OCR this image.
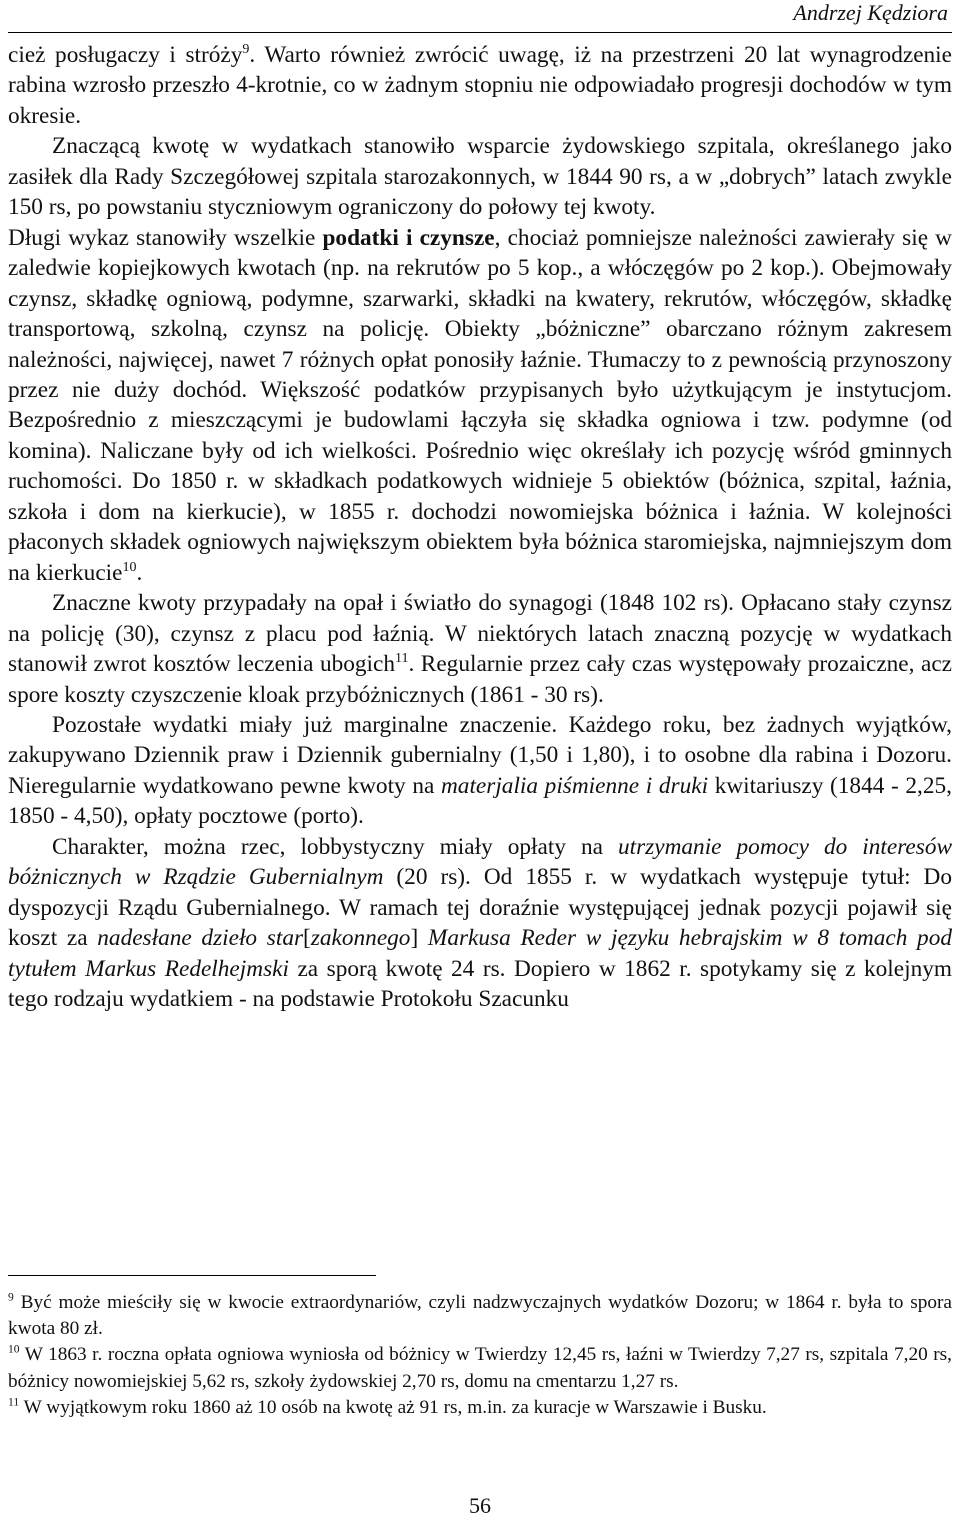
Andrzej Kędziora

cież posługaczy i stróży$^9$. Warto również zwrócić uwagę, iż na przestrzeni 20 lat wynagrodzenie rabina wzrosło przeszło 4-krotnie, co w żadnym stopniu nie odpowiadało progresji dochodów w tym okresie.

Znaczącą kwotę w wydatkach stanowiło wsparcie żydowskiego szpitala, określanego jako zasiłek dla Rady Szczegółowej szpitala starozakonnych, w 1844 90 rs, a w „dobrych” latach zwykle 150 rs, po powstaniu styczniowym ograniczony do połowy tej kwoty.

Długi wykaz stanowiły wszelkie podatki i czynsze, chociaż pomniejsze należności zawierały się w zaledwie kopiejkowych kwotach (np. na rekrutów po 5 kop., a włóczęgów po 2 kop.). Obejmowały czynsz, składkę ogniową, podymne, szarwarki, składki na kwatery, rekrutów, włóczęgów, składkę transportową, szkolną, czynsz na policję. Obiekty „bóżniczne” obarczano różnym zakresem należności, najwięcej, nawet 7 różnych opłat ponosiły łaźnie. Tłumaczy to z pewnością przynoszony przez nie duży dochód. Większość podatków przypisanych było użytkującym je instytucjom. Bezpośrednio z mieszczącymi je budowlami łączyła się składka ogniowa i tzw. podymne (od komina). Naliczane były od ich wielkości. Pośrednio więc określały ich pozycję wśród gminnych ruchomości. Do 1850 r. w składkach podatkowych widnieje 5 obiektów (bóżnica, szpital, łaźnia, szkoła i dom na kierkucie), w 1855 r. dochodzi nowomiejska bóżnica i łaźnia. W kolejności płaconych składek ogniowych największym obiektem była bóżnica staromiejska, najmniejszym dom na kierkucie$^{10}$.

Znaczne kwoty przypadały na opał i światło do synagogi (1848 102 rs). Opłacano stały czynsz na policję (30), czynsz z placu pod łaźnią. W niektórych latach znaczną pozycję w wydatkach stanowił zwrot kosztów leczenia ubogich$^{11}$. Regularnie przez cały czas występowały prozaiczne, acz spore koszty czyszczenie kloak przybóżnicznych (1861 - 30 rs).

Pozostałe wydatki miały już marginalne znaczenie. Każdego roku, bez żadnych wyjątków, zakupywano Dziennik praw i Dziennik gubernialny (1,50 i 1,80), i to osobne dla rabina i Dozoru. Nieregularnie wydatkowano pewne kwoty na materjalia piśmienne i druki kwitariuszy (1844 - 2,25, 1850 - 4,50), opłaty pocztowe (porto).

Charakter, można rzec, lobbystyczny miały opłaty na utrzymanie pomocy do interesów bóżnicznych w Rządzie Gubernialnym (20 rs). Od 1855 r. w wydatkach występuje tytuł: Do dyspozycji Rządu Gubernialnego. W ramach tej doraźnie występującej jednak pozycji pojawił się koszt za nadesłane dzieło star[zakonnego] Markusa Reder w języku hebrajskim w 8 tomach pod tytułem Markus Redelhejmski za sporą kwotę 24 rs. Dopiero w 1862 r. spotykamy się z kolejnym tego rodzaju wydatkiem - na podstawie Protokołu Szacunku

$^9$ Być może mieściły się w kwocie extraordynariów, czyli nadzwyczajnych wydatków Dozoru; w 1864 r. była to spora kwota 80 zł.

$^{10}$ W 1863 r. roczna opłata ogniowa wyniosła od bóżnicy w Twierdzy 12,45 rs, łaźni w Twierdzy 7,27 rs, szpitala 7,20 rs, bóżnicy nowomiejskiej 5,62 rs, szkoły żydowskiej 2,70 rs, domu na cmentarzu 1,27 rs.

$^{11}$ W wyjątkowym roku 1860 aż 10 osób na kwotę aż 91 rs, m.in. za kuracje w Warszawie i Busku.

56
